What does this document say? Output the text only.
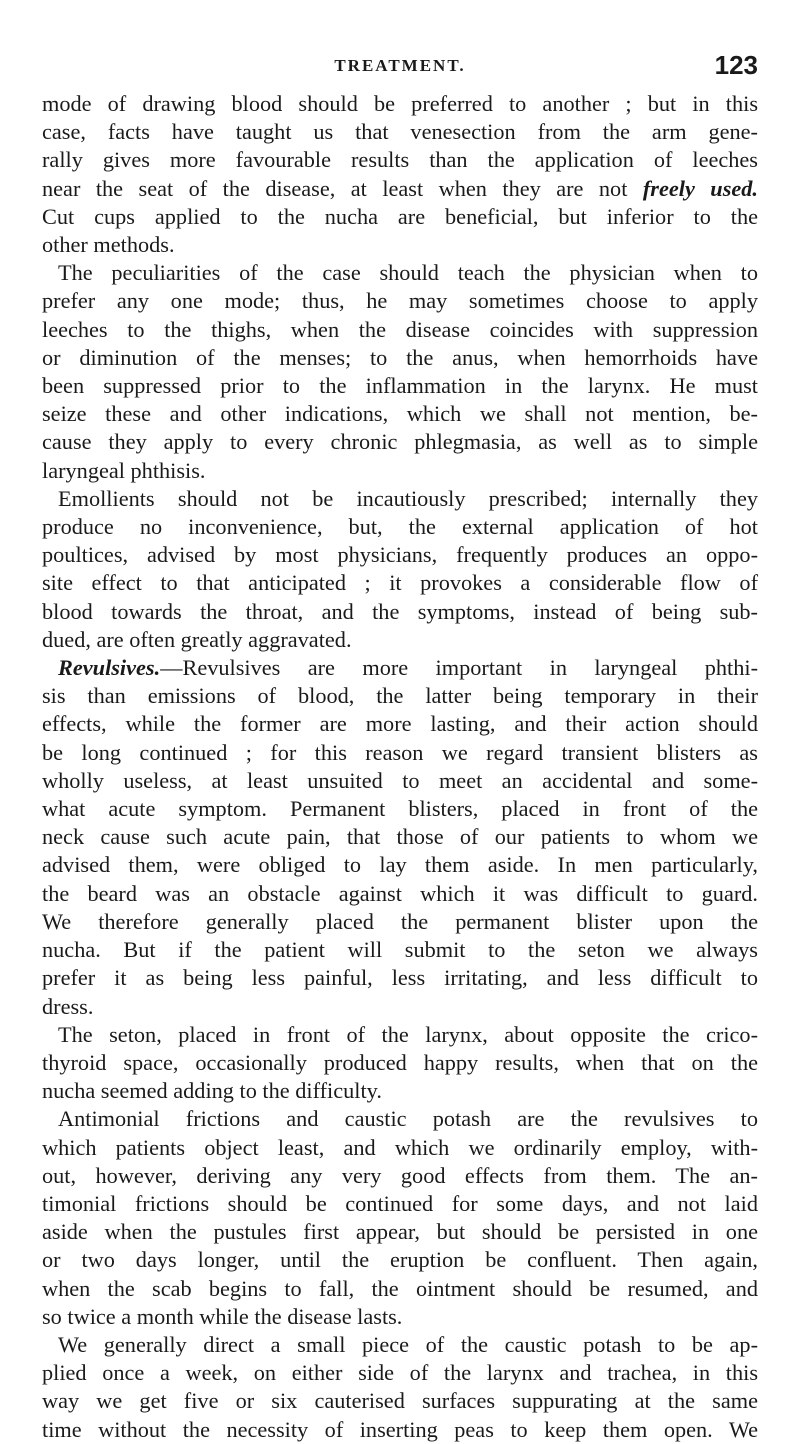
TREATMENT.	123
mode of drawing blood should be preferred to another ; but in this
case, facts have taught us that venesection from the arm gene-
rally gives more favourable results than the application of leeches
near the seat of the disease, at least when they are not freely used.
Cut cups applied to the nucha are beneficial, but inferior to the
other methods.
The peculiarities of the case should teach the physician when to
prefer any one mode; thus, he may sometimes choose to apply
leeches to the thighs, when the disease coincides with suppression
or diminution of the menses; to the anus, when hemorrhoids have
been suppressed prior to the inflammation in the larynx. He must
seize these and other indications, which we shall not mention, be-
cause they apply to every chronic phlegmasia, as well as to simple
laryngeal phthisis.
Emollients should not be incautiously prescribed; internally they
produce no inconvenience, but, the external application of hot
poultices, advised by most physicians, frequently produces an oppo-
site effect to that anticipated ; it provokes a considerable flow of
blood towards the throat, and the symptoms, instead of being sub-
dued, are often greatly aggravated.
Revulsives.—Revulsives are more important in laryngeal phthi-
sis than emissions of blood, the latter being temporary in their
effects, while the former are more lasting, and their action should
be long continued ; for this reason we regard transient blisters as
wholly useless, at least unsuited to meet an accidental and some-
what acute symptom. Permanent blisters, placed in front of the
neck cause such acute pain, that those of our patients to whom we
advised them, were obliged to lay them aside. In men particularly,
the beard was an obstacle against which it was difficult to guard.
We therefore generally placed the permanent blister upon the
nucha. But if the patient will submit to the seton we always
prefer it as being less painful, less irritating, and less difficult to
dress.
The seton, placed in front of the larynx, about opposite the crico-
thyroid space, occasionally produced happy results, when that on the
nucha seemed adding to the difficulty.
Antimonial frictions and caustic potash are the revulsives to
which patients object least, and which we ordinarily employ, with-
out, however, deriving any very good effects from them. The an-
timonial frictions should be continued for some days, and not laid
aside when the pustules first appear, but should be persisted in one
or two days longer, until the eruption be confluent. Then again,
when the scab begins to fall, the ointment should be resumed, and
so twice a month while the disease lasts.
We generally direct a small piece of the caustic potash to be ap-
plied once a week, on either side of the larynx and trachea, in this
way we get five or six cauterised surfaces suppurating at the same
time without the necessity of inserting peas to keep them open. We
